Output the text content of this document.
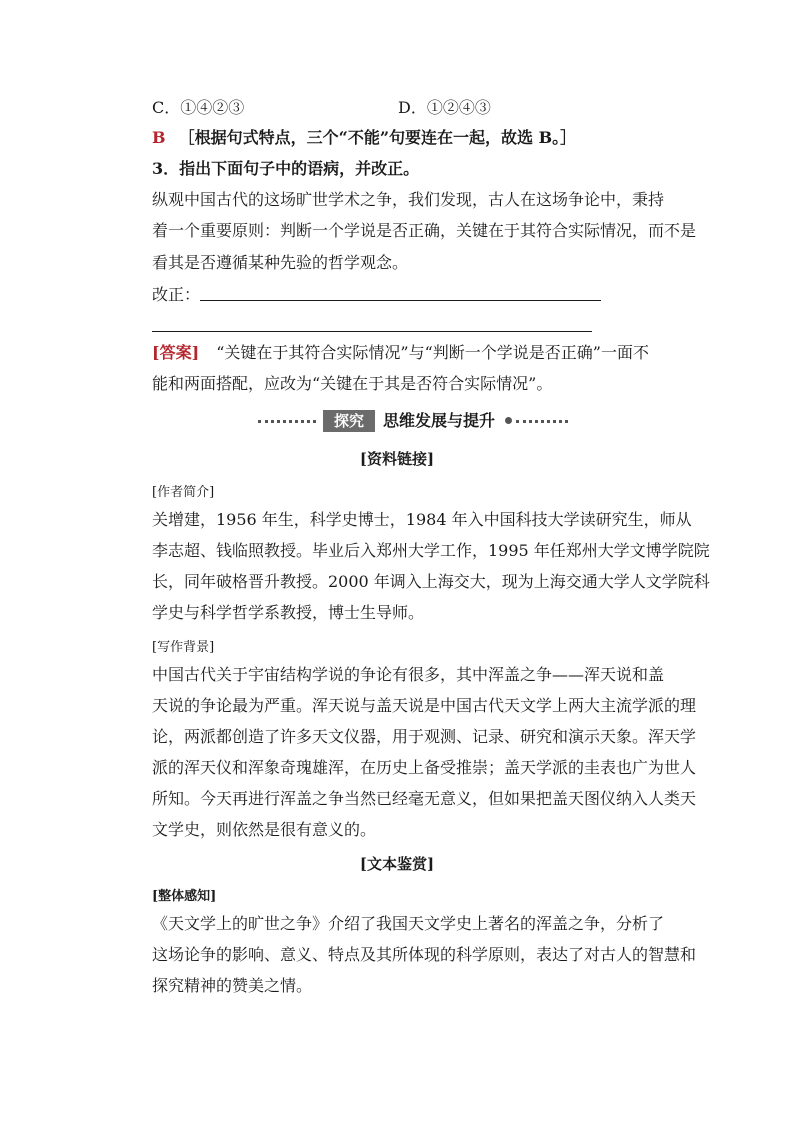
C．①④②③	D．①②④③
B ［根据句式特点，三个“不能”句要连在一起，故选 B。］
3．指出下面句子中的语病，并改正。
纵观中国古代的这场旷世学术之争，我们发现，古人在这场争论中，秉持
着一个重要原则：判断一个学说是否正确，关键在于其符合实际情况，而不是
看其是否遵循某种先验的哲学观念。
改正：
[答案] “关键在于其符合实际情况”与“判断一个学说是否正确”一面不
能和两面搭配，应改为“关键在于其是否符合实际情况”。
探究	思维发展与提升
[资料链接]
[作者简介]
关增建，1956 年生，科学史博士，1984 年入中国科技大学读研究生，师从
李志超、钱临照教授。毕业后入郑州大学工作，1995 年任郑州大学文博学院院
长，同年破格晋升教授。2000 年调入上海交大，现为上海交通大学人文学院科
学史与科学哲学系教授，博士生导师。
[写作背景]
中国古代关于宇宙结构学说的争论有很多，其中浑盖之争——浑天说和盖
天说的争论最为严重。浑天说与盖天说是中国古代天文学上两大主流学派的理
论，两派都创造了许多天文仪器，用于观测、记录、研究和演示天象。浑天学
派的浑天仪和浑象奇瑰雄浑，在历史上备受推崇；盖天学派的圭表也广为世人
所知。今天再进行浑盖之争当然已经毫无意义，但如果把盖天图仪纳入人类天
文学史，则依然是很有意义的。
[文本鉴赏]
[整体感知]
《天文学上的旷世之争》介绍了我国天文学史上著名的浑盖之争，分析了
这场论争的影响、意义、特点及其所体现的科学原则，表达了对古人的智慧和
探究精神的赞美之情。
